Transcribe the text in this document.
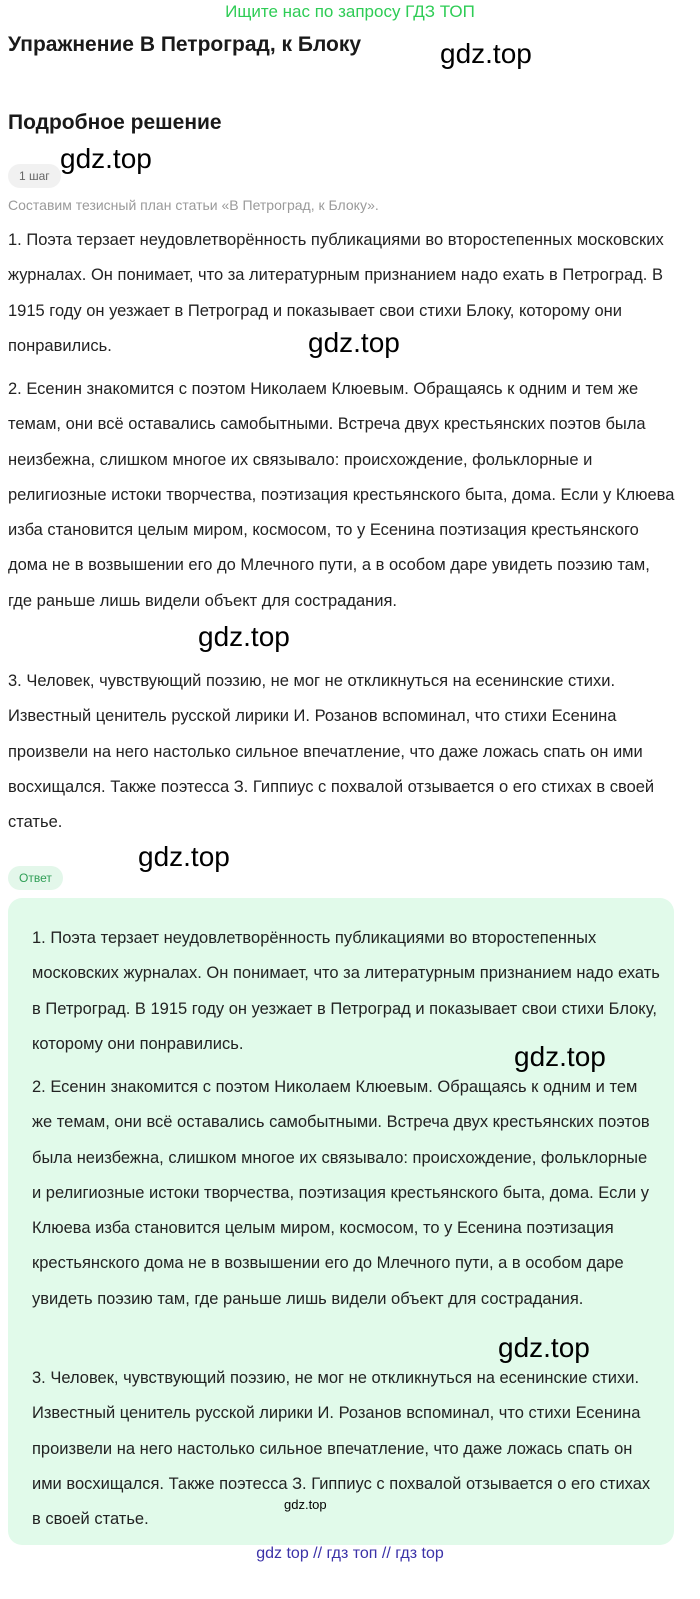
Ищите нас по запросу ГДЗ ТОП
Упражнение В Петроград, к Блоку	gdz.top
Подробное решение
1 шаг
gdz.top
Составим тезисный план статьи «В Петроград, к Блоку».

1. Поэта терзает неудовлетворённость публикациями во второстепенных московских журналах. Он понимает, что за литературным признанием надо ехать в Петроград. В 1915 году он уезжает в Петроград и показывает свои стихи Блоку, которому они понравились.

2. Есенин знакомится с поэтом Николаем Клюевым. Обращаясь к одним и тем же темам, они всё оставались самобытными. Встреча двух крестьянских поэтов была неизбежна, слишком многое их связывало: происхождение, фольклорные и религиозные истоки творчества, поэтизация крестьянского быта, дома. Если у Клюева изба становится целым миром, космосом, то у Есенина поэтизация крестьянского дома не в возвышении его до Млечного пути, а в особом даре увидеть поэзию там, где раньше лишь видели объект для сострадания.

3. Человек, чувствующий поэзию, не мог не откликнуться на есенинские стихи. Известный ценитель русской лирики И. Розанов вспоминал, что стихи Есенина произвели на него настолько сильное впечатление, что даже ложась спать он ими восхищался. Также поэтесса З. Гиппиус с похвалой отзывается о его стихах в своей статье.

gdz.top
gdz.top
gdz.top
Ответ

1. Поэта терзает неудовлетворённость публикациями во второстепенных московских журналах. Он понимает, что за литературным признанием надо ехать в Петроград. В 1915 году он уезжает в Петроград и показывает свои стихи Блоку, которому они понравились.

2. Есенин знакомится с поэтом Николаем Клюевым. Обращаясь к одним и тем же темам, они всё оставались самобытными. Встреча двух крестьянских поэтов была неизбежна, слишком многое их связывало: происхождение, фольклорные и религиозные истоки творчества, поэтизация крестьянского быта, дома. Если у Клюева изба становится целым миром, космосом, то у Есенина поэтизация крестьянского дома не в возвышении его до Млечного пути, а в особом даре увидеть поэзию там, где раньше лишь видели объект для сострадания.

3. Человек, чувствующий поэзию, не мог не откликнуться на есенинские стихи. Известный ценитель русской лирики И. Розанов вспоминал, что стихи Есенина произвели на него настолько сильное впечатление, что даже ложась спать он ими восхищался. Также поэтесса З. Гиппиус с похвалой отзывается о его стихах в своей статье.

gdz.top
gdz.top
gdz.top
gdz top // гдз топ // гдз top
